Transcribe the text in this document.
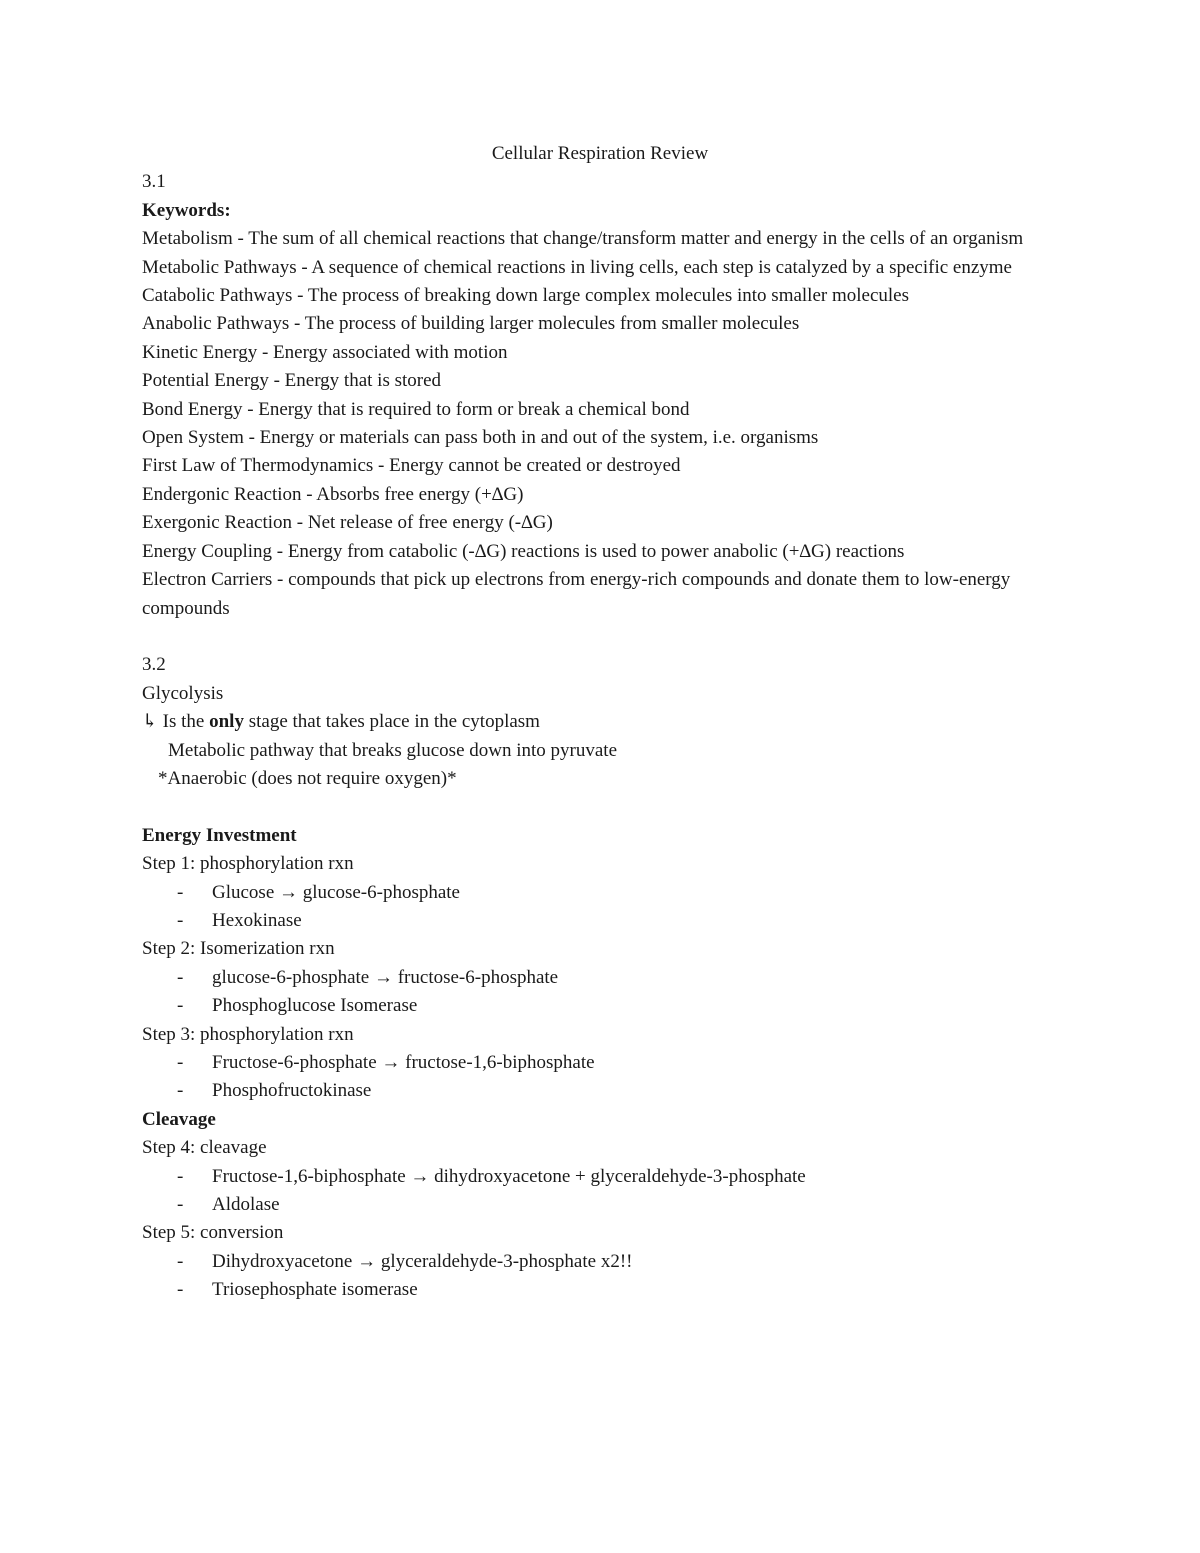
Cellular Respiration Review
3.1
Keywords:
Metabolism - The sum of all chemical reactions that change/transform matter and energy in the cells of an organism
Metabolic Pathways - A sequence of chemical reactions in living cells, each step is catalyzed by a specific enzyme
Catabolic Pathways - The process of breaking down large complex molecules into smaller molecules
Anabolic Pathways - The process of building larger molecules from smaller molecules
Kinetic Energy - Energy associated with motion
Potential Energy - Energy that is stored
Bond Energy - Energy that is required to form or break a chemical bond
Open System - Energy or materials can pass both in and out of the system, i.e. organisms
First Law of Thermodynamics - Energy cannot be created or destroyed
Endergonic Reaction - Absorbs free energy (+∆G)
Exergonic Reaction - Net release of free energy (-∆G)
Energy Coupling - Energy from catabolic (-∆G) reactions is used to power anabolic (+∆G) reactions
Electron Carriers - compounds that pick up electrons from energy-rich compounds and donate them to low-energy compounds
3.2
Glycolysis
↳ Is the only stage that takes place in the cytoplasm
Metabolic pathway that breaks glucose down into pyruvate
*Anaerobic (does not require oxygen)*
Energy Investment
Step 1: phosphorylation rxn
- Glucose → glucose-6-phosphate
- Hexokinase
Step 2: Isomerization rxn
- glucose-6-phosphate → fructose-6-phosphate
- Phosphoglucose Isomerase
Step 3: phosphorylation rxn
- Fructose-6-phosphate → fructose-1,6-biphosphate
- Phosphofructokinase
Cleavage
Step 4: cleavage
- Fructose-1,6-biphosphate → dihydroxyacetone + glyceraldehyde-3-phosphate
- Aldolase
Step 5: conversion
- Dihydroxyacetone → glyceraldehyde-3-phosphate x2!!
- Triosephosphate isomerase
